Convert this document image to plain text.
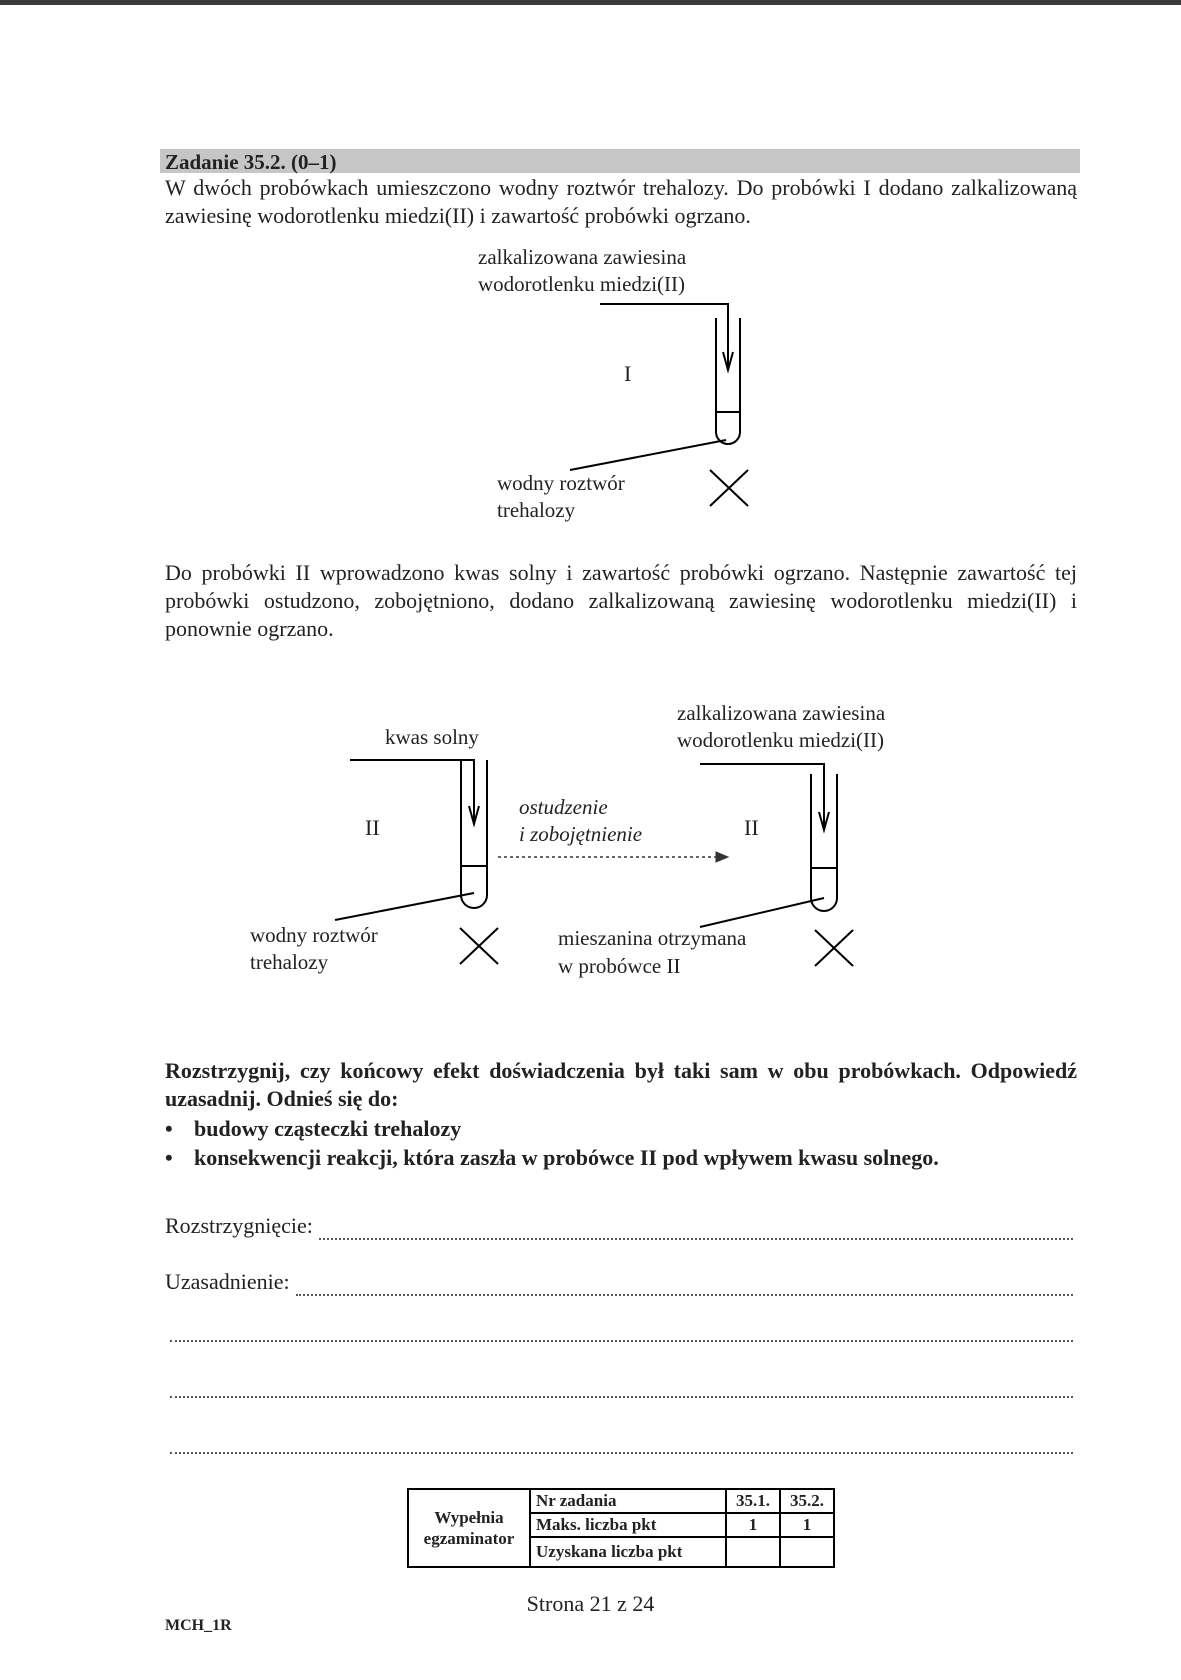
Zadanie 35.2. (0–1)
W dwóch probówkach umieszczono wodny roztwór trehalozy. Do probówki I dodano zalkalizowaną zawiesinę wodorotlenku miedzi(II) i zawartość probówki ogrzano.
zalkalizowana zawiesina
wodorotlenku miedzi(II)
I
wodny roztwór
trehalozy
Do probówki II wprowadzono kwas solny i zawartość probówki ogrzano. Następnie zawartość tej probówki ostudzono, zobojętniono, dodano zalkalizowaną zawiesinę wodorotlenku miedzi(II) i ponownie ogrzano.
kwas solny
II
ostudzenie
i zobojętnienie	II
zalkalizowana zawiesina
wodorotlenku miedzi(II)
wodny roztwór
trehalozy
mieszanina otrzymana
w probówce II
Rozstrzygnij, czy końcowy efekt doświadczenia był taki sam w obu probówkach. Odpowiedź uzasadnij. Odnieś się do:
• budowy cząsteczki trehalozy
• konsekwencji reakcji, która zaszła w probówce II pod wpływem kwasu solnego.
Rozstrzygnięcie:
Uzasadnienie:
Wypełnia
egzaminator	Nr zadania	35.1.	35.2.
	Maks. liczba pkt	1	1
	Uzyskana liczba pkt		
Strona 21 z 24
MCH_1R
